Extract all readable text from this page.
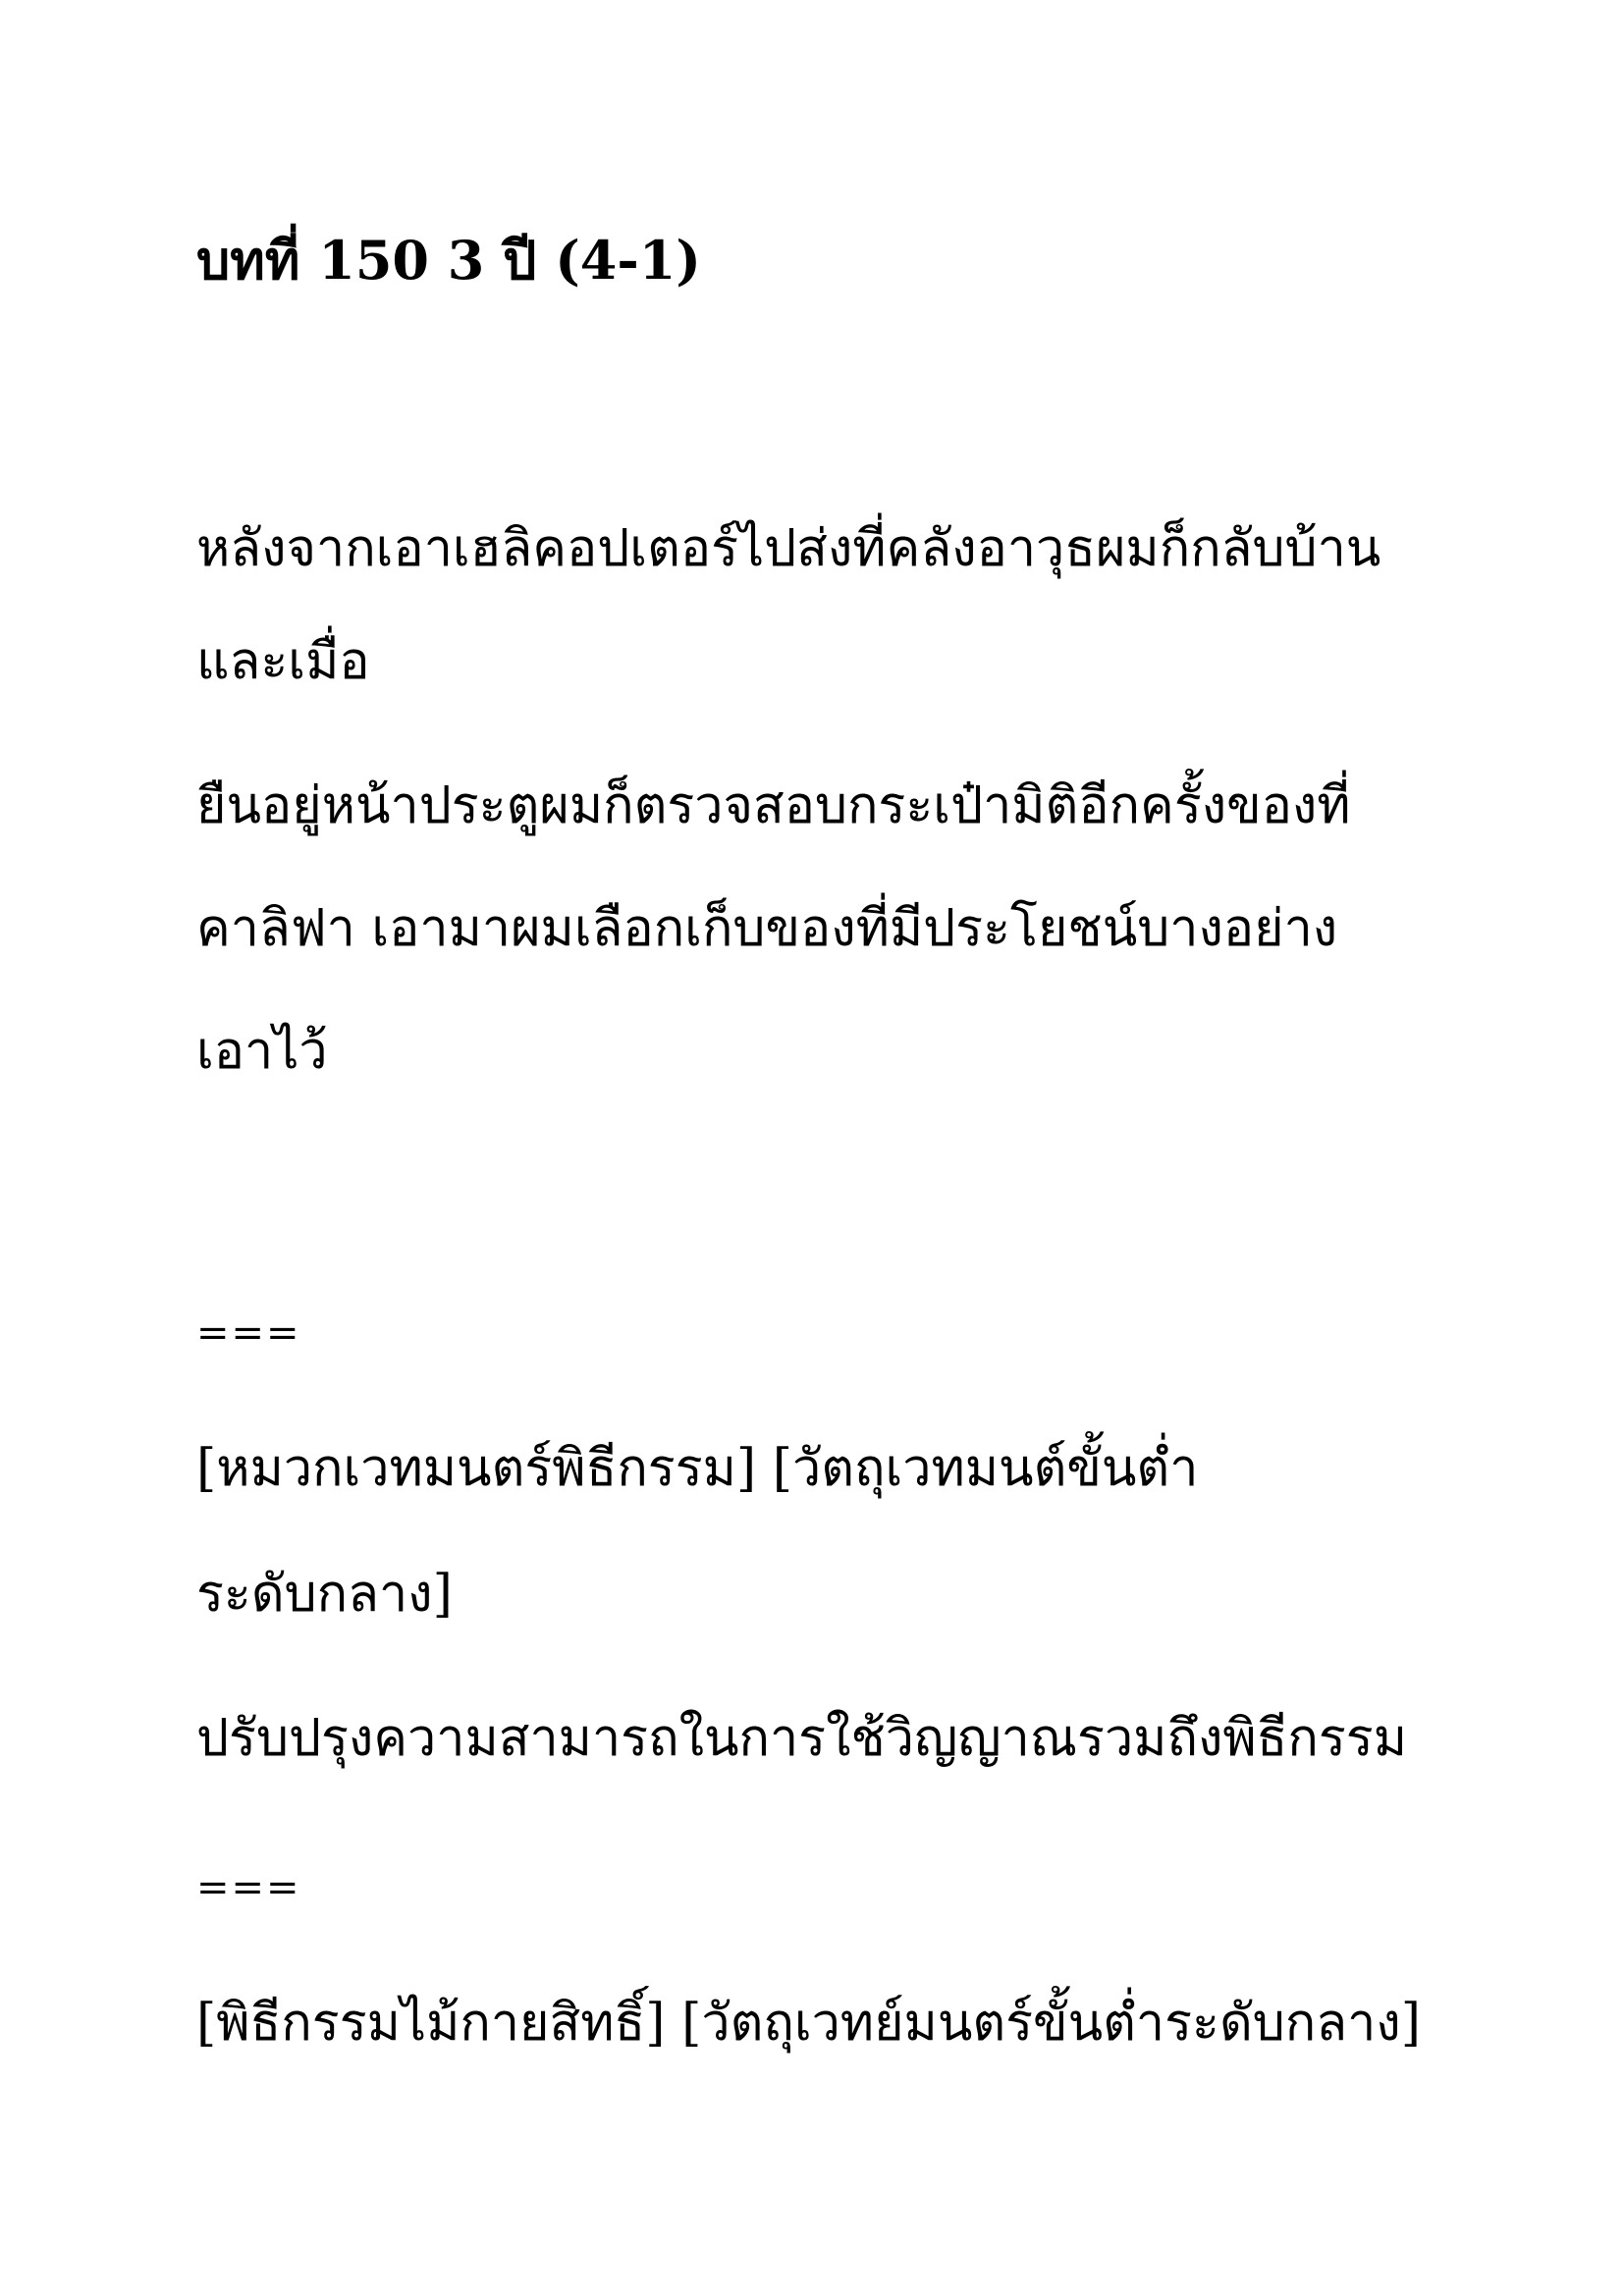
บทที่ 150 3 ปี (4-1)

หลังจากเอาเฮลิคอปเตอร์ไปส่งที่คลังอาวุธผมก็กลับบ้าน

และเมื่อ

ยืนอยู่หน้าประตูผมก็ตรวจสอบกระเป๋ามิติอีกครั้งของที่

คาลิฟา เอามาผมเลือกเก็บของที่มีประโยชน์บางอย่าง

เอาไว้

===

[หมวกเวทมนตร์พิธีกรรม] [วัตถุเวทมนต์ขั้นต่ำ

ระดับกลาง]

ปรับปรุงความสามารถในการใช้วิญญาณรวมถึงพิธีกรรม

===

[พิธีกรรมไม้กายสิทธิ์] [วัตถุเวทย์มนตร์ขั้นต่ำระดับกลาง]
